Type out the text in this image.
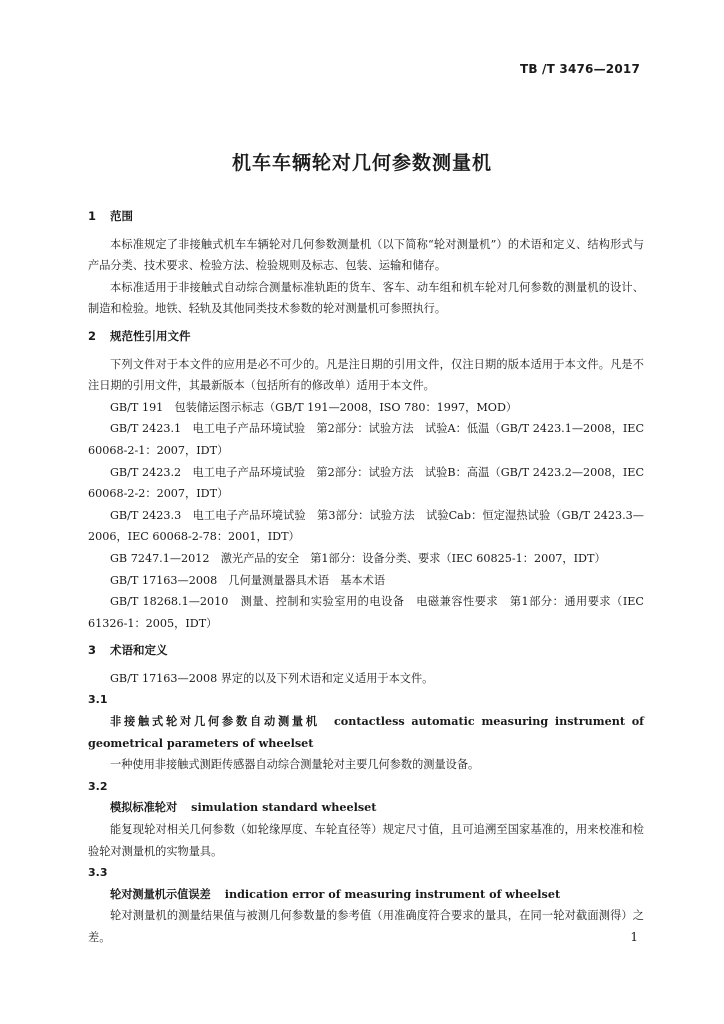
TB /T 3476—2017
机车车辆轮对几何参数测量机

1 范围

本标准规定了非接触式机车车辆轮对几何参数测量机（以下简称“轮对测量机”）的术语和定义、结构形式与产品分类、技术要求、检验方法、检验规则及标志、包装、运输和储存。

本标准适用于非接触式自动综合测量标准轨距的货车、客车、动车组和机车轮对几何参数的测量机的设计、制造和检验。地铁、轻轨及其他同类技术参数的轮对测量机可参照执行。

2 规范性引用文件

下列文件对于本文件的应用是必不可少的。凡是注日期的引用文件，仅注日期的版本适用于本文件。凡是不注日期的引用文件，其最新版本（包括所有的修改单）适用于本文件。

GB/T 191　包装储运图示标志（GB/T 191—2008，ISO 780：1997，MOD）

GB/T 2423.1　电工电子产品环境试验　第2部分：试验方法　试验A：低温（GB/T 2423.1—2008，IEC 60068-2-1：2007，IDT）

GB/T 2423.2　电工电子产品环境试验　第2部分：试验方法　试验B：高温（GB/T 2423.2—2008，IEC 60068-2-2：2007，IDT）

GB/T 2423.3　电工电子产品环境试验　第3部分：试验方法　试验Cab：恒定湿热试验（GB/T 2423.3—2006，IEC 60068-2-78：2001，IDT）

GB 7247.1—2012　激光产品的安全　第1部分：设备分类、要求（IEC 60825-1：2007，IDT）

GB/T 17163—2008　几何量测量器具术语　基本术语

GB/T 18268.1—2010　测量、控制和实验室用的电设备　电磁兼容性要求　第1部分：通用要求（IEC 61326-1：2005，IDT）

3 术语和定义

GB/T 17163—2008 界定的以及下列术语和定义适用于本文件。

3.1

非接触式轮对几何参数自动测量机 contactless automatic measuring instrument of geometrical parameters of wheelset

一种使用非接触式测距传感器自动综合测量轮对主要几何参数的测量设备。

3.2

模拟标准轮对 simulation standard wheelset

能复现轮对相关几何参数（如轮缘厚度、车轮直径等）规定尺寸值，且可追溯至国家基准的，用来校准和检验轮对测量机的实物量具。

3.3

轮对测量机示值误差 indication error of measuring instrument of wheelset

轮对测量机的测量结果值与被测几何参数量的参考值（用准确度符合要求的量具，在同一轮对截面测得）之差。	1
